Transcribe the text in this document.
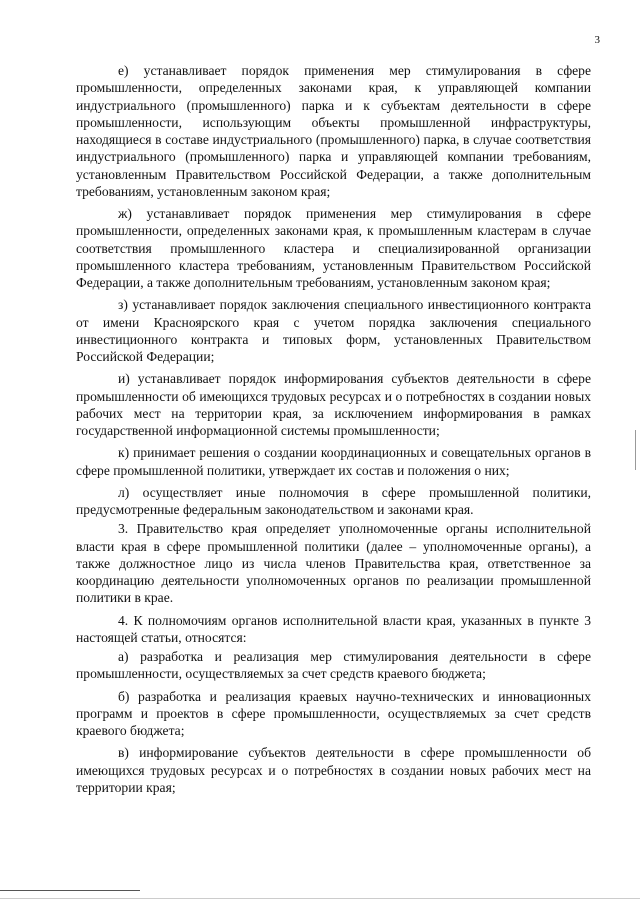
3

е) устанавливает порядок применения мер стимулирования в сфере промышленности, определенных законами края, к управляющей компании индустриального (промышленного) парка и к субъектам деятельности в сфере промышленности, использующим объекты промышленной инфраструктуры, находящиеся в составе индустриального (промышленного) парка, в случае соответствия индустриального (промышленного) парка и управляющей компании требованиям, установленным Правительством Российской Федерации, а также дополнительным требованиям, установленным законом края;

ж) устанавливает порядок применения мер стимулирования в сфере промышленности, определенных законами края, к промышленным кластерам в случае соответствия промышленного кластера и специализированной организации промышленного кластера требованиям, установленным Правительством Российской Федерации, а также дополнительным требованиям, установленным законом края;

з) устанавливает порядок заключения специального инвестиционного контракта от имени Красноярского края с учетом порядка заключения специального инвестиционного контракта и типовых форм, установленных Правительством Российской Федерации;

и) устанавливает порядок информирования субъектов деятельности в сфере промышленности об имеющихся трудовых ресурсах и о потребностях в создании новых рабочих мест на территории края, за исключением информирования в рамках государственной информационной системы промышленности;

к) принимает решения о создании координационных и совещательных органов в сфере промышленной политики, утверждает их состав и положения о них;

л) осуществляет иные полномочия в сфере промышленной политики, предусмотренные федеральным законодательством и законами края.

3. Правительство края определяет уполномоченные органы исполнительной власти края в сфере промышленной политики (далее – уполномоченные органы), а также должностное лицо из числа членов Правительства края, ответственное за координацию деятельности уполномоченных органов по реализации промышленной политики в крае.

4. К полномочиям органов исполнительной власти края, указанных в пункте 3 настоящей статьи, относятся:

а) разработка и реализация мер стимулирования деятельности в сфере промышленности, осуществляемых за счет средств краевого бюджета;

б) разработка и реализация краевых научно-технических и инновационных программ и проектов в сфере промышленности, осуществляемых за счет средств краевого бюджета;

в) информирование субъектов деятельности в сфере промышленности об имеющихся трудовых ресурсах и о потребностях в создании новых рабочих мест на территории края;
